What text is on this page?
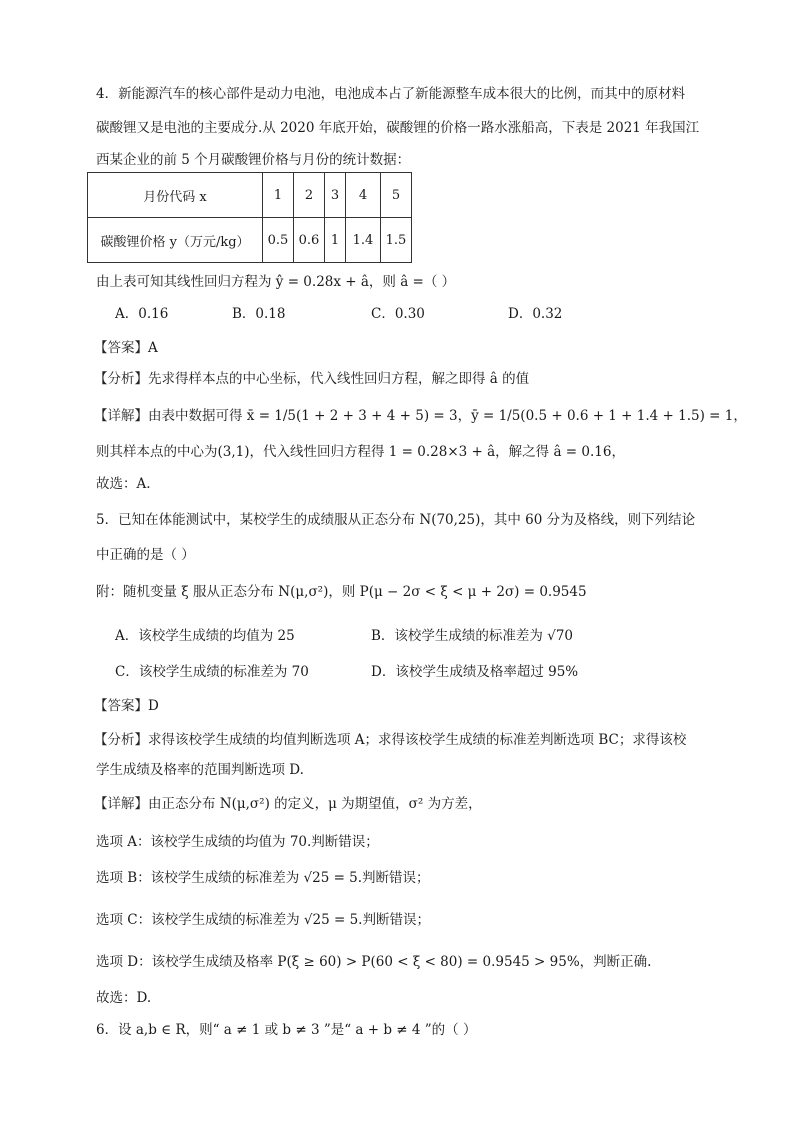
4．新能源汽车的核心部件是动力电池，电池成本占了新能源整车成本很大的比例，而其中的原材料
碳酸锂又是电池的主要成分.从 2020 年底开始，碳酸锂的价格一路水涨船高，下表是 2021 年我国江
西某企业的前 5 个月碳酸锂价格与月份的统计数据：
月份代码 x	1	2	3	4	5
碳酸锂价格 y（万元/kg）	0.5	0.6	1	1.4	1.5
由上表可知其线性回归方程为 ŷ = 0.28x + â，则 â =（ ）
A．0.16	B．0.18	C．0.30	D．0.32
【答案】A
【分析】先求得样本点的中心坐标，代入线性回归方程，解之即得 â 的值
【详解】由表中数据可得 x̄ = 1/5(1 + 2 + 3 + 4 + 5) = 3，ȳ = 1/5(0.5 + 0.6 + 1 + 1.4 + 1.5) = 1，
则其样本点的中心为(3,1)，代入线性回归方程得 1 = 0.28×3 + â，解之得 â = 0.16，
故选：A.
5．已知在体能测试中，某校学生的成绩服从正态分布 N(70,25)，其中 60 分为及格线，则下列结论
中正确的是（ ）
附：随机变量 ξ 服从正态分布 N(μ,σ²)，则 P(μ − 2σ < ξ < μ + 2σ) = 0.9545
A．该校学生成绩的均值为 25	B．该校学生成绩的标准差为 √70
C．该校学生成绩的标准差为 70	D．该校学生成绩及格率超过 95%
【答案】D
【分析】求得该校学生成绩的均值判断选项 A；求得该校学生成绩的标准差判断选项 BC；求得该校
学生成绩及格率的范围判断选项 D.
【详解】由正态分布 N(μ,σ²) 的定义，μ 为期望值，σ² 为方差，
选项 A：该校学生成绩的均值为 70.判断错误；
选项 B：该校学生成绩的标准差为 √25 = 5.判断错误；
选项 C：该校学生成绩的标准差为 √25 = 5.判断错误；
选项 D：该校学生成绩及格率 P(ξ ≥ 60) > P(60 < ξ < 80) = 0.9545 > 95%，判断正确.
故选：D.
6．设 a,b ∈ R，则“ a ≠ 1 或 b ≠ 3 ”是“ a + b ≠ 4 ”的（ ）
